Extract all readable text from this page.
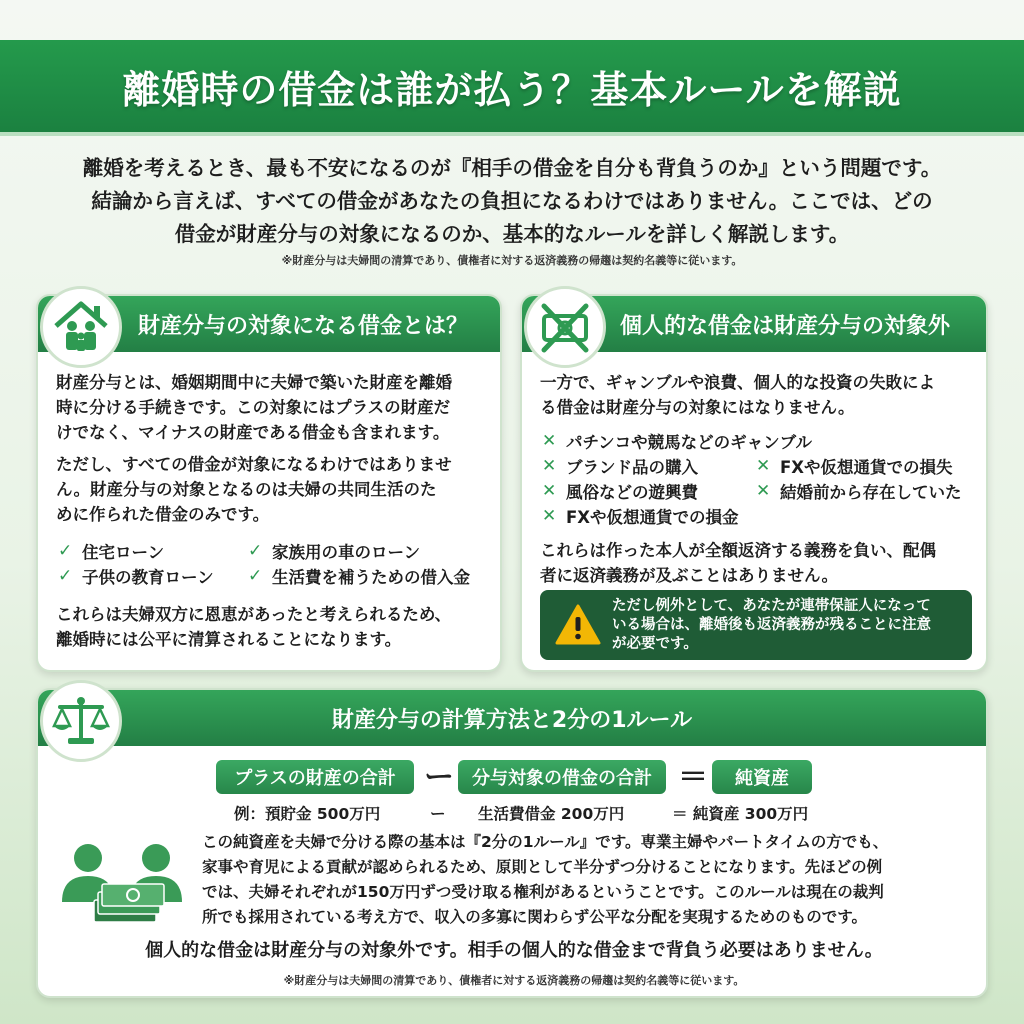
離婚時の借金は誰が払う？基本ルールを解説
離婚を考えるとき、最も不安になるのが『相手の借金を自分も背負うのか』という問題です。
結論から言えば、すべての借金があなたの負担になるわけではありません。ここでは、どの
借金が財産分与の対象になるのか、基本的なルールを詳しく解説します。
※財産分与は夫婦間の清算であり、債権者に対する返済義務の帰趨は契約名義等に従います。
財産分与の対象になる借金とは？
財産分与とは、婚姻期間中に夫婦で築いた財産を離婚
時に分ける手続きです。この対象にはプラスの財産だ
けでなく、マイナスの財産である借金も含まれます。
ただし、すべての借金が対象になるわけではありませ
ん。財産分与の対象となるのは夫婦の共同生活のた
めに作られた借金のみです。
✓ 住宅ローン	✓ 家族用の車のローン
✓ 子供の教育ローン ✓ 生活費を補うための借入金
これらは夫婦双方に恩恵があったと考えられるため、
離婚時には公平に清算されることになります。
個人的な借金は財産分与の対象外
一方で、ギャンブルや浪費、個人的な投資の失敗によ
る借金は財産分与の対象にはなりません。
✕ パチンコや競馬などのギャンブル
✕ ブランド品の購入	✕ FXや仮想通貨での損失
✕ 風俗などの遊興費	✕ 結婚前から存在していた
✕ FXや仮想通貨での損金
これらは作った本人が全額返済する義務を負い、配偶
者に返済義務が及ぶことはありません。
ただし例外として、あなたが連帯保証人になって
いる場合は、離婚後も返済義務が残ることに注意
が必要です。
財産分与の計算方法と2分の1ルール
プラスの財産の合計 ー	分与対象の借金の合計 ＝	純資産
例：預貯金 500万円	ー 生活費借金 200万円	＝ 純資産 300万円
この純資産を夫婦で分ける際の基本は『2分の1ルール』です。専業主婦やパートタイムの方でも、
家事や育児による貢献が認められるため、原則として半分ずつ分けることになります。先ほどの例
では、夫婦それぞれが150万円ずつ受け取る権利があるということです。このルールは現在の裁判
所でも採用されている考え方で、収入の多寡に関わらず公平な分配を実現するためのものです。
個人的な借金は財産分与の対象外です。相手の個人的な借金まで背負う必要はありません。
※財産分与は夫婦間の清算であり、債権者に対する返済義務の帰趨は契約名義等に従います。
